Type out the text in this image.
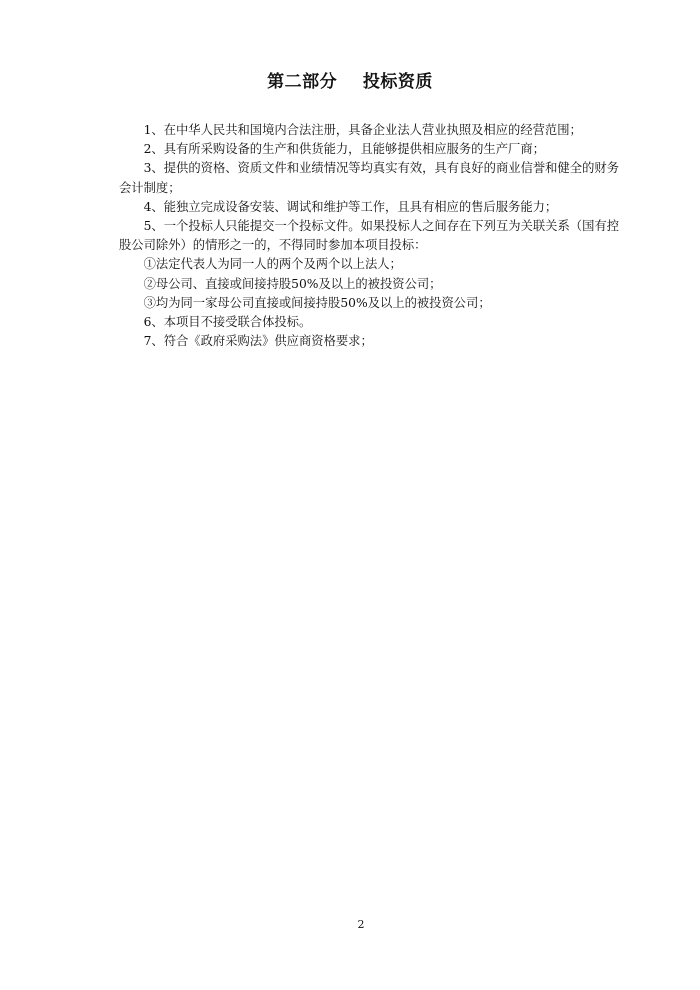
第二部分    投标资质

1、在中华人民共和国境内合法注册，具备企业法人营业执照及相应的经营范围；

2、具有所采购设备的生产和供货能力，且能够提供相应服务的生产厂商；

3、提供的资格、资质文件和业绩情况等均真实有效，具有良好的商业信誉和健全的财务会计制度；

4、能独立完成设备安装、调试和维护等工作，且具有相应的售后服务能力；

5、一个投标人只能提交一个投标文件。如果投标人之间存在下列互为关联关系（国有控股公司除外）的情形之一的，不得同时参加本项目投标：

①法定代表人为同一人的两个及两个以上法人；

②母公司、直接或间接持股50%及以上的被投资公司；

③均为同一家母公司直接或间接持股50%及以上的被投资公司；

6、本项目不接受联合体投标。

7、符合《政府采购法》供应商资格要求；

2
